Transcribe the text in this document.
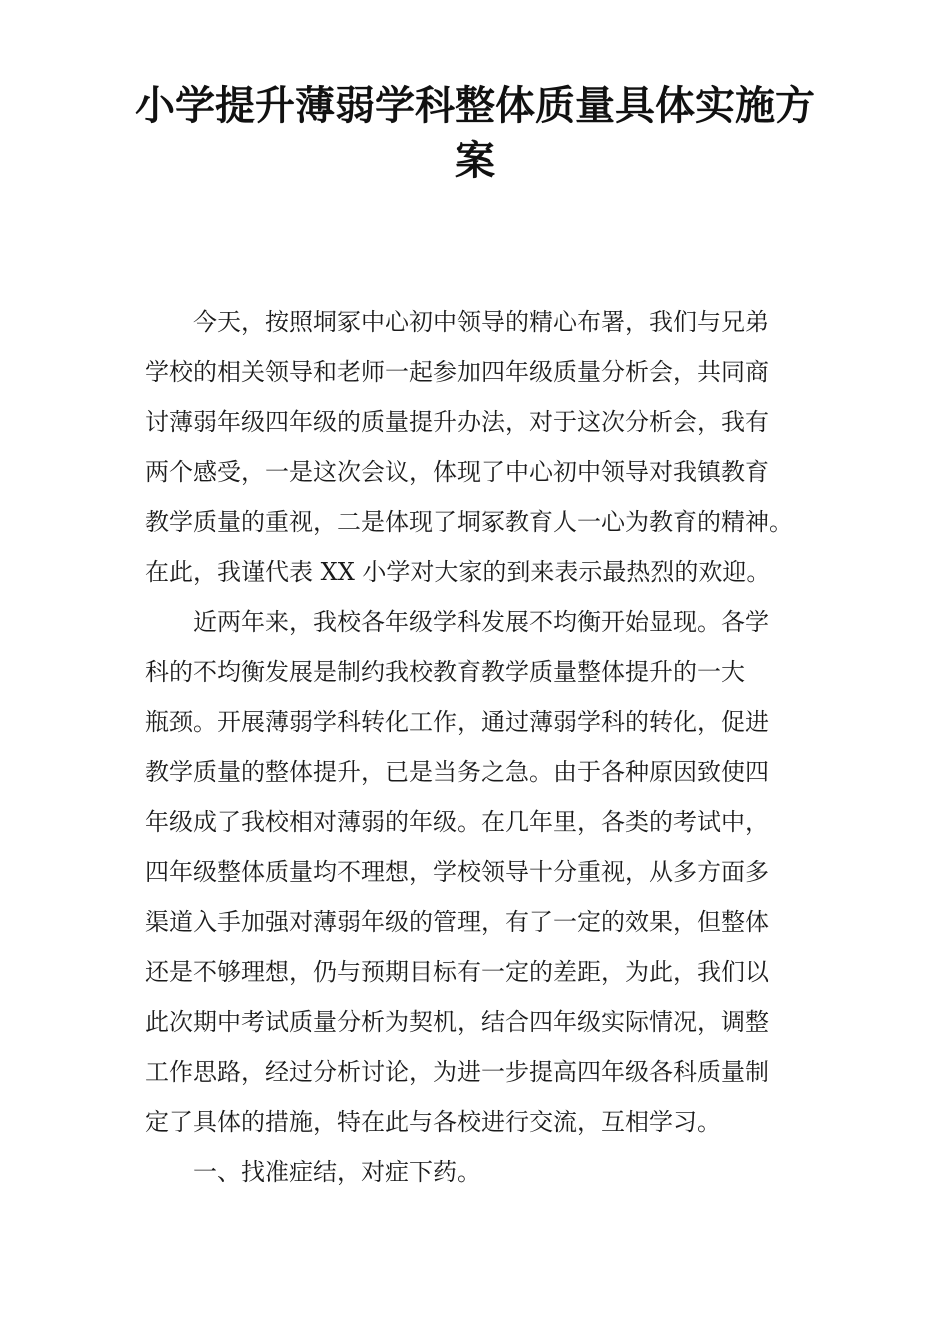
小学提升薄弱学科整体质量具体实施方
案
今天，按照垌冢中心初中领导的精心布署，我们与兄弟
学校的相关领导和老师一起参加四年级质量分析会，共同商
讨薄弱年级四年级的质量提升办法，对于这次分析会，我有
两个感受，一是这次会议，体现了中心初中领导对我镇教育
教学质量的重视，二是体现了垌冢教育人一心为教育的精神。
在此，我谨代表 XX 小学对大家的到来表示最热烈的欢迎。
近两年来，我校各年级学科发展不均衡开始显现。各学
科的不均衡发展是制约我校教育教学质量整体提升的一大
瓶颈。开展薄弱学科转化工作，通过薄弱学科的转化，促进
教学质量的整体提升，已是当务之急。由于各种原因致使四
年级成了我校相对薄弱的年级。在几年里，各类的考试中，
四年级整体质量均不理想，学校领导十分重视，从多方面多
渠道入手加强对薄弱年级的管理，有了一定的效果，但整体
还是不够理想，仍与预期目标有一定的差距，为此，我们以
此次期中考试质量分析为契机，结合四年级实际情况，调整
工作思路，经过分析讨论，为进一步提高四年级各科质量制
定了具体的措施，特在此与各校进行交流，互相学习。
一、找准症结，对症下药。
